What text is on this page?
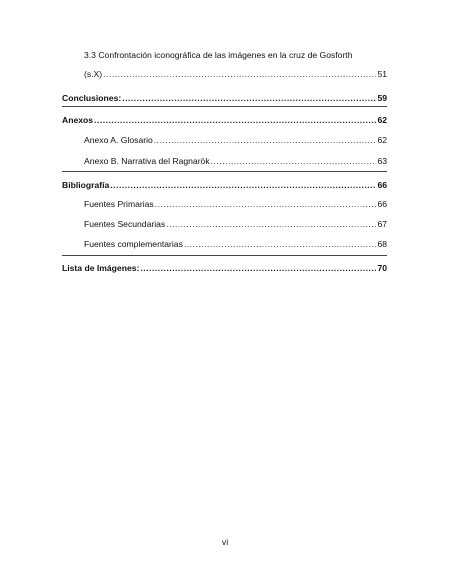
3.3 Confrontación iconográfica de las imágenes en la cruz de Gosforth
(s.X) .....	51
Conclusiones: .....	59
Anexos .....	62
Anexo A. Glosario .....	62
Anexo B. Narrativa del Ragnarök .....	63
Bibliografía .....	66
Fuentes Primarias .....	66
Fuentes Secundarias .....	67
Fuentes complementarias .....	68
Lista de Imágenes: .....	70
vi
